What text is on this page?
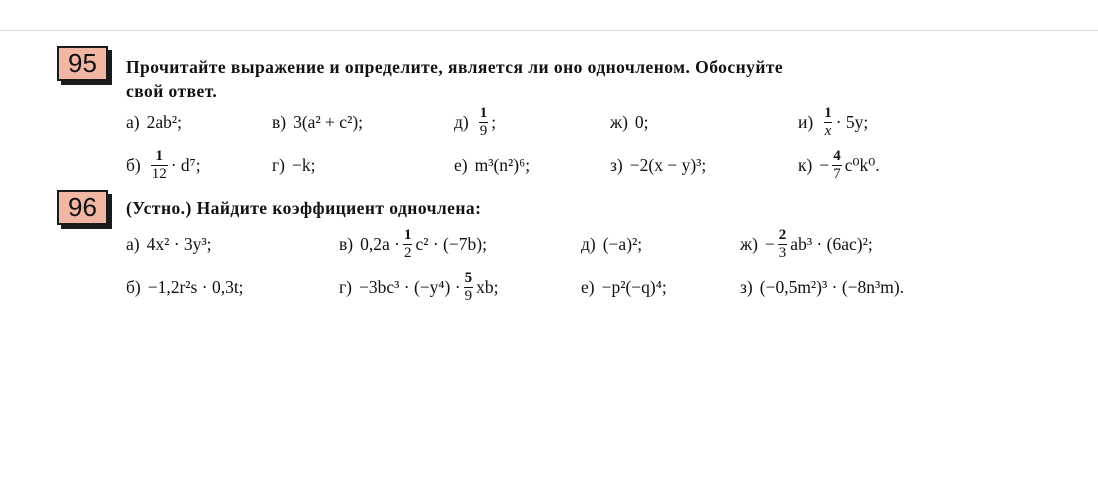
95	Прочитайте выражение и определите, является ли оно одночленом. Обоснуйте
свой ответ.
а) 2ab²;	в) 3(a² + c²);	$д) \frac{1}{9}$ ;	ж) 0;	$и) \frac{1}{x} \cdot 5y$;
$б) \frac{1}{12} \cdot d^7$;	г) −k;	е) m³(n²)⁶;	з) −2(x − y)³;	$к) - \frac{4}{7} c^0k^0$.
96	(Устно.) Найдите коэффициент одночлена:
а) 4x² · 3y³;	в) $0,2a \cdot \frac{1}{2} c^2 \cdot (-7b)$;	д) (−a)²;	$ж) - \frac{2}{3} ab^3 \cdot (6ac)^2$;
б) −1,2r²s · 0,3t;	$г) -3bc^3 \cdot (-y^4) \cdot \frac{5}{9}$ xb;	е) −p²(−q)⁴;	з) (−0,5m²)³ · (−8n³m).
